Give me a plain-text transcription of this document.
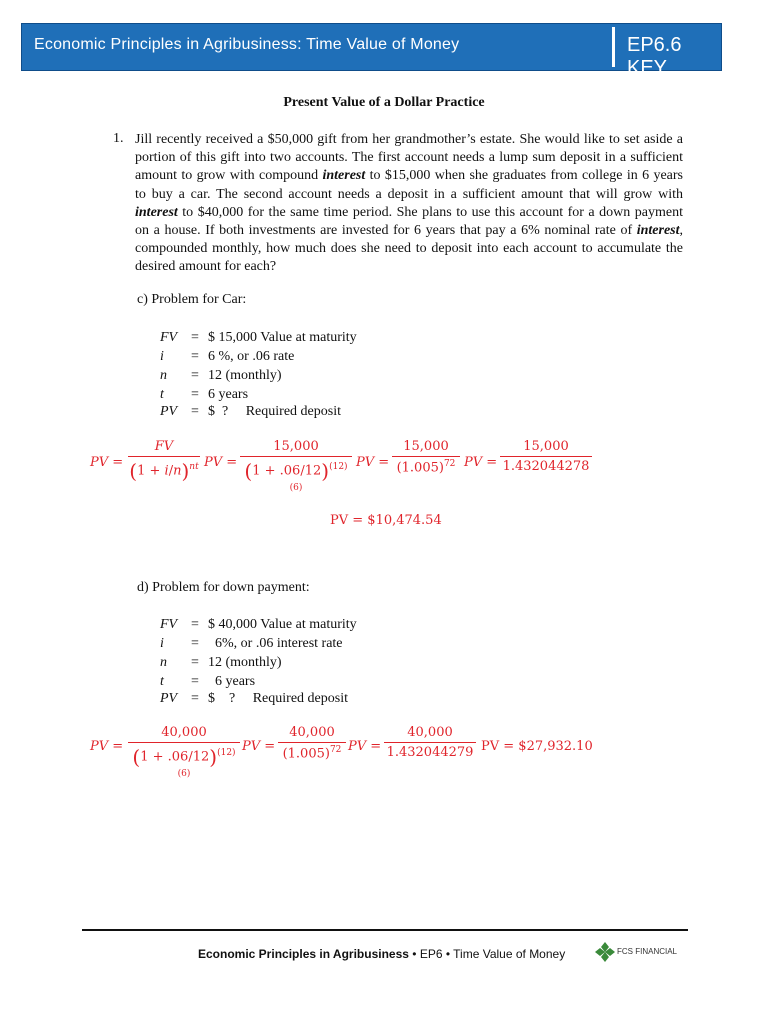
Economic Principles in Agribusiness: Time Value of Money	EP6.6 KEY
Present Value of a Dollar Practice
1. Jill recently received a $50,000 gift from her grandmother’s estate. She would like to set aside a portion of this gift into two accounts. The first account needs a lump sum deposit in a sufficient amount to grow with compound interest to $15,000 when she graduates from college in 6 years to buy a car. The second account needs a deposit in a sufficient amount that will grow with interest to $40,000 for the same time period. She plans to use this account for a down payment on a house. If both investments are invested for 6 years that pay a 6% nominal rate of interest, compounded monthly, how much does she need to deposit into each account to accumulate the desired amount for each?
c) Problem for Car:
FV = $ 15,000 Value at maturity
i = 6 %, or .06 rate
n = 12 (monthly)
t = 6 years
PV = $  ?     Required deposit
PV =
FV
$(1 + i/n)^{nt}$ PV =
15,000
$(1 + .06/12)^{(12)(6)}$
PV =
15,000
$(1.005)^{72}$ PV =
15,000
1.432044278
PV = $10,474.54
d) Problem for down payment:
FV = $ 40,000 Value at maturity
i = 6%, or .06 interest rate
n = 12 (monthly)
t = 6 years
PV = $    ?     Required deposit
PV =
40,000
$(1 + .06/12)^{(12)(6)}$
PV =
40,000
$(1.005)^{72}$ PV =
40,000
1.432044279 PV = $27,932.10
Economic Principles in Agribusiness • EP6 • Time Value of Money	FCS FINANCIAL
